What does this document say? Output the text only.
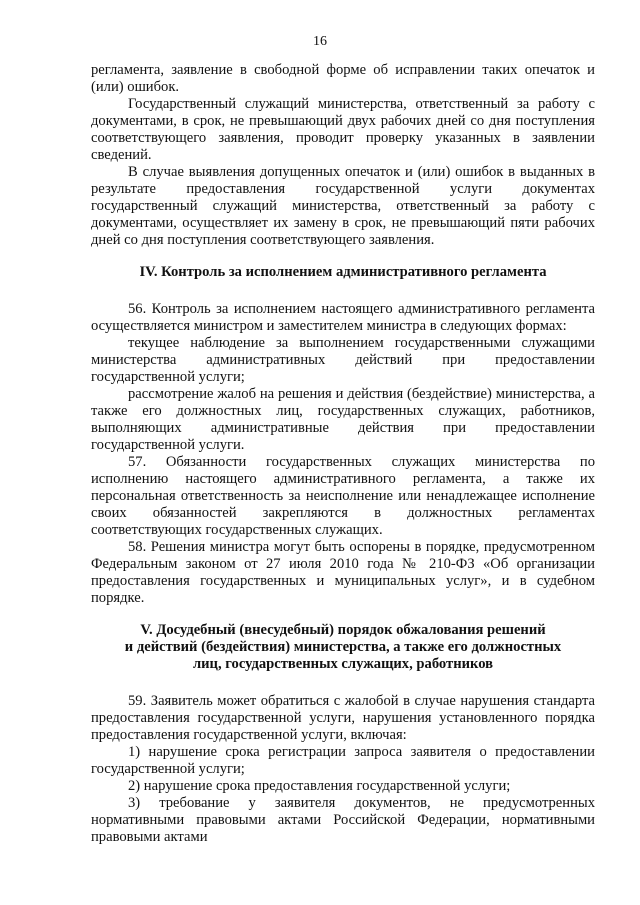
16

регламента, заявление в свободной форме об исправлении таких опечаток и (или) ошибок.

Государственный служащий министерства, ответственный за работу с документами, в срок, не превышающий двух рабочих дней со дня поступления соответствующего заявления, проводит проверку указанных в заявлении сведений.

В случае выявления допущенных опечаток и (или) ошибок в выданных в результате предоставления государственной услуги документах государственный служащий министерства, ответственный за работу с документами, осуществляет их замену в срок, не превышающий пяти рабочих дней со дня поступления соответствующего заявления.

IV. Контроль за исполнением административного регламента

56. Контроль за исполнением настоящего административного регламента осуществляется министром и заместителем министра в следующих формах:

текущее наблюдение за выполнением государственными служащими министерства административных действий при предоставлении государственной услуги;

рассмотрение жалоб на решения и действия (бездействие) министерства, а также его должностных лиц, государственных служащих, работников, выполняющих административные действия при предоставлении государственной услуги.

57. Обязанности государственных служащих министерства по исполнению настоящего административного регламента, а также их персональная ответственность за неисполнение или ненадлежащее исполнение своих обязанностей закрепляются в должностных регламентах соответствующих государственных служащих.

58. Решения министра могут быть оспорены в порядке, предусмотренном Федеральным законом от 27 июля 2010 года № 210-ФЗ «Об организации предоставления государственных и муниципальных услуг», и в судебном порядке.

V. Досудебный (внесудебный) порядок обжалования решений

и действий (бездействия) министерства, а также его должностных

лиц, государственных служащих, работников

59. Заявитель может обратиться с жалобой в случае нарушения стандарта предоставления государственной услуги, нарушения установленного порядка предоставления государственной услуги, включая:

1) нарушение срока регистрации запроса заявителя о предоставлении государственной услуги;

2) нарушение срока предоставления государственной услуги;

3) требование у заявителя документов, не предусмотренных нормативными правовыми актами Российской Федерации, нормативными правовыми актами
